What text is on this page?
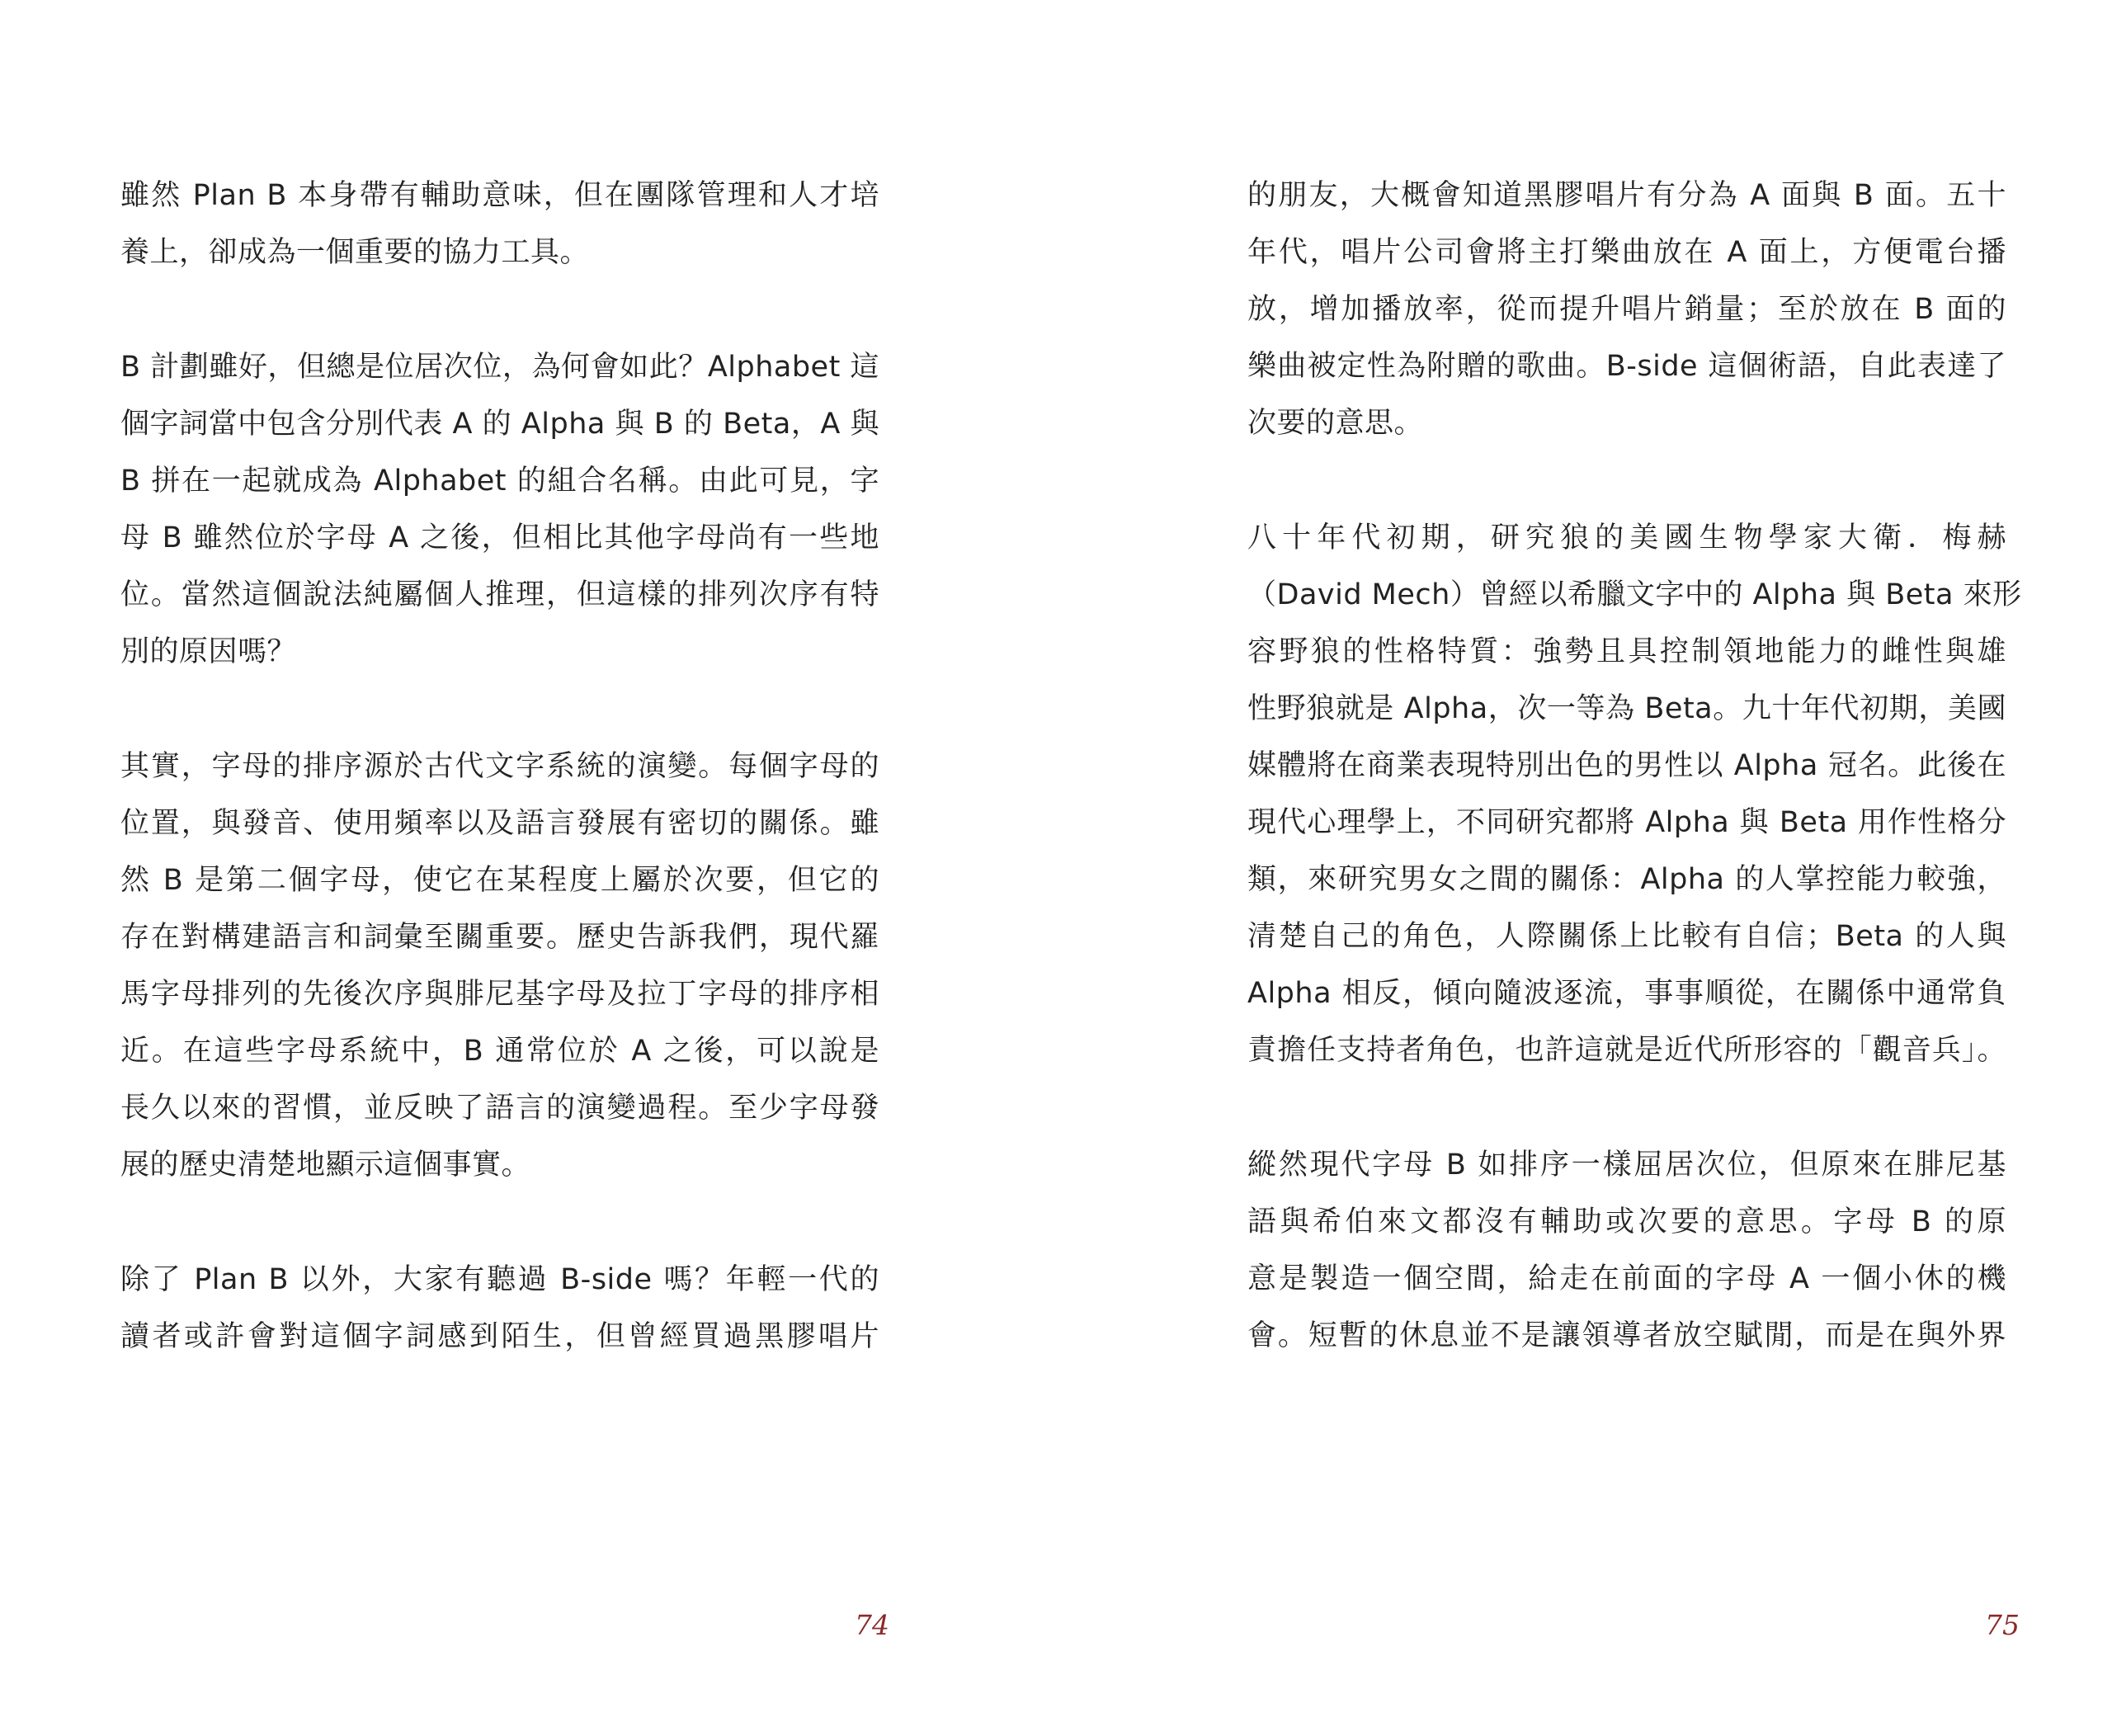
雖然 Plan B 本身帶有輔助意味，但在團隊管理和人才培
養上，卻成為一個重要的協力工具。
B 計劃雖好，但總是位居次位，為何會如此？Alphabet 這
個字詞當中包含分別代表 A 的 Alpha 與 B 的 Beta，A 與
B 拼在一起就成為 Alphabet 的組合名稱。由此可見，字
母 B 雖然位於字母 A 之後，但相比其他字母尚有一些地
位。當然這個說法純屬個人推理，但這樣的排列次序有特
別的原因嗎？
其實，字母的排序源於古代文字系統的演變。每個字母的
位置，與發音、使用頻率以及語言發展有密切的關係。雖
然 B 是第二個字母，使它在某程度上屬於次要，但它的
存在對構建語言和詞彙至關重要。歷史告訴我們，現代羅
馬字母排列的先後次序與腓尼基字母及拉丁字母的排序相
近。在這些字母系統中，B 通常位於 A 之後，可以說是
長久以來的習慣，並反映了語言的演變過程。至少字母發
展的歷史清楚地顯示這個事實。
除了 Plan B 以外，大家有聽過 B-side 嗎？年輕一代的
讀者或許會對這個字詞感到陌生，但曾經買過黑膠唱片
74
的朋友，大概會知道黑膠唱片有分為 A 面與 B 面。五十
年代，唱片公司會將主打樂曲放在 A 面上，方便電台播
放，增加播放率，從而提升唱片銷量；至於放在 B 面的
樂曲被定性為附贈的歌曲。B-side 這個術語，自此表達了
次要的意思。
八十年代初期，研究狼的美國生物學家大衛．梅赫
（David Mech）曾經以希臘文字中的 Alpha 與 Beta 來形
容野狼的性格特質：強勢且具控制領地能力的雌性與雄
性野狼就是 Alpha，次一等為 Beta。九十年代初期，美國
媒體將在商業表現特別出色的男性以 Alpha 冠名。此後在
現代心理學上，不同研究都將 Alpha 與 Beta 用作性格分
類，來研究男女之間的關係：Alpha 的人掌控能力較強，
清楚自己的角色，人際關係上比較有自信；Beta 的人與
Alpha 相反，傾向隨波逐流，事事順從，在關係中通常負
責擔任支持者角色，也許這就是近代所形容的「觀音兵」。
縱然現代字母 B 如排序一樣屈居次位，但原來在腓尼基
語與希伯來文都沒有輔助或次要的意思。字母 B 的原
意是製造一個空間，給走在前面的字母 A 一個小休的機
會。短暫的休息並不是讓領導者放空賦閒，而是在與外界
75
